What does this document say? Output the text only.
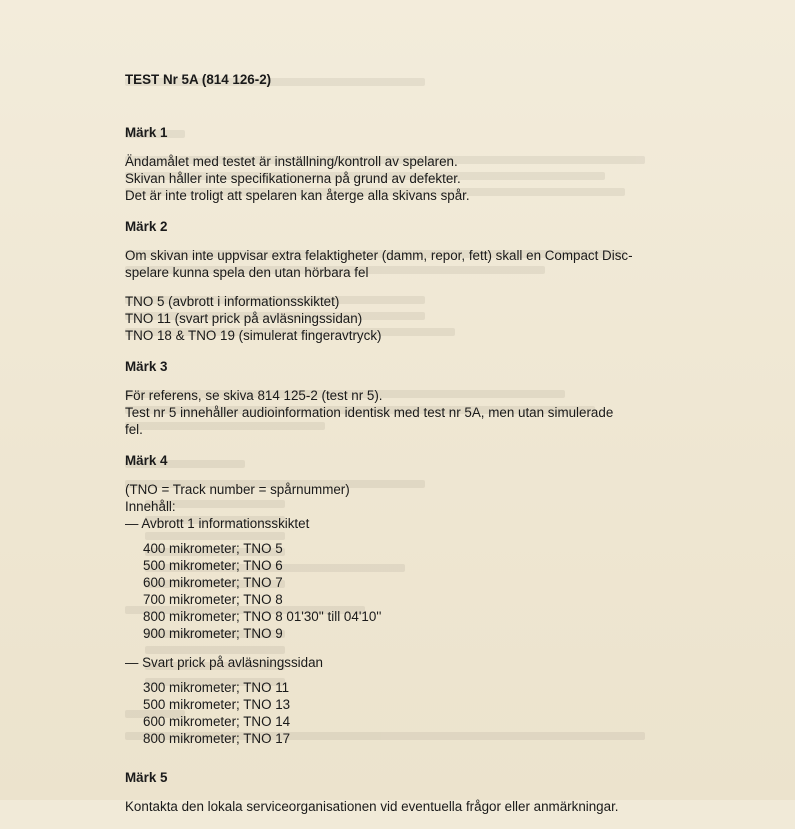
TEST Nr 5A (814 126-2)
Märk 1

Ändamålet med testet är inställning/kontroll av spelaren.

Skivan håller inte specifikationerna på grund av defekter.

Det är inte troligt att spelaren kan återge alla skivans spår.

Märk 2

Om skivan inte uppvisar extra felaktigheter (damm, repor, fett) skall en Compact Disc-

spelare kunna spela den utan hörbara fel

TNO 5 (avbrott i informationsskiktet)

TNO 11 (svart prick på avläsningssidan)

TNO 18 & TNO 19 (simulerat fingeravtryck)

Märk 3

För referens, se skiva 814 125-2 (test nr 5).

Test nr 5 innehåller audioinformation identisk med test nr 5A, men utan simulerade

fel.

Märk 4

(TNO = Track number = spårnummer)

Innehåll:

— Avbrott 1 informationsskiktet

400 mikrometer; TNO 5

500 mikrometer; TNO 6

600 mikrometer; TNO 7

700 mikrometer; TNO 8

800 mikrometer; TNO 8 01'30'' till 04'10''

900 mikrometer; TNO 9

— Svart prick på avläsningssidan

300 mikrometer; TNO 11

500 mikrometer; TNO 13

600 mikrometer; TNO 14

800 mikrometer; TNO 17

Märk 5

Kontakta den lokala serviceorganisationen vid eventuella frågor eller anmärkningar.
